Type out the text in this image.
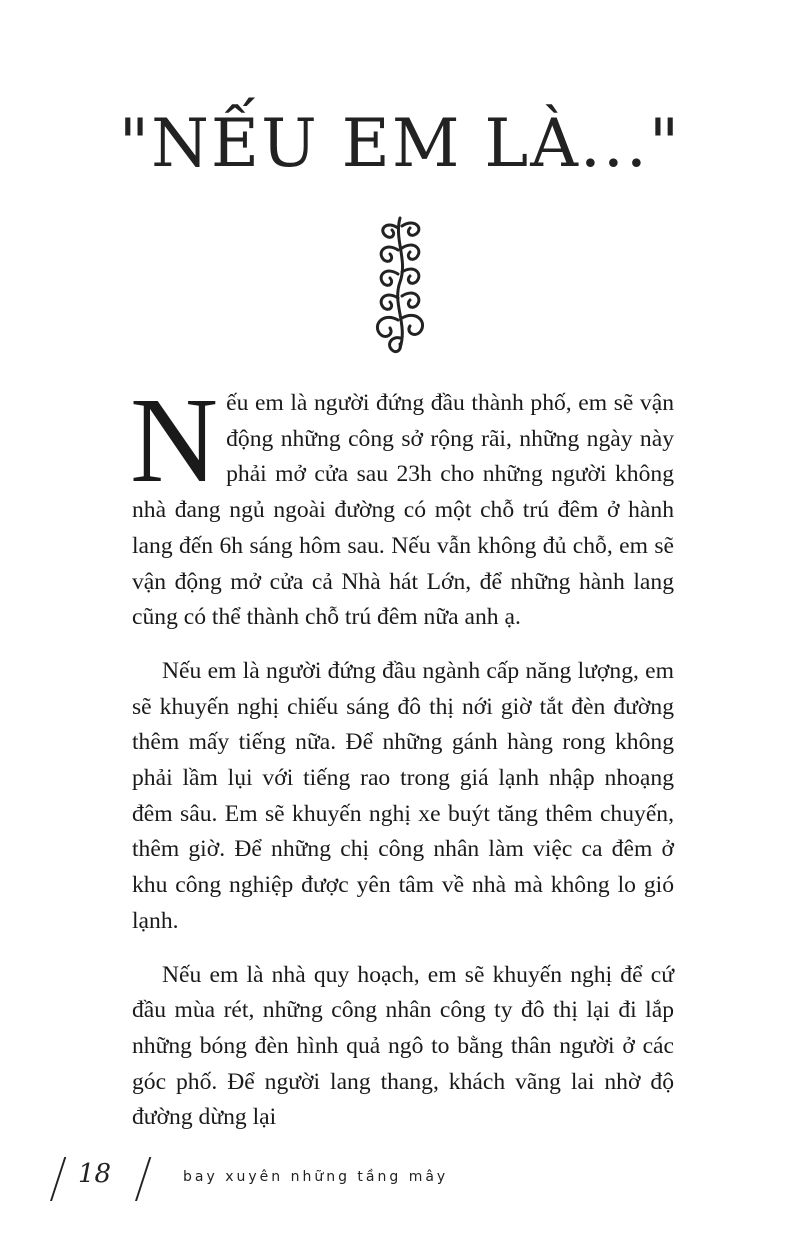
"NẾU EM LÀ..."

Nếu em là người đứng đầu thành phố, em sẽ vận động những công sở rộng rãi, những ngày này phải mở cửa sau 23h cho những người không nhà đang ngủ ngoài đường có một chỗ trú đêm ở hành lang đến 6h sáng hôm sau. Nếu vẫn không đủ chỗ, em sẽ vận động mở cửa cả Nhà hát Lớn, để những hành lang cũng có thể thành chỗ trú đêm nữa anh ạ.

Nếu em là người đứng đầu ngành cấp năng lượng, em sẽ khuyến nghị chiếu sáng đô thị nới giờ tắt đèn đường thêm mấy tiếng nữa. Để những gánh hàng rong không phải lầm lụi với tiếng rao trong giá lạnh nhập nhoạng đêm sâu. Em sẽ khuyến nghị xe buýt tăng thêm chuyến, thêm giờ. Để những chị công nhân làm việc ca đêm ở khu công nghiệp được yên tâm về nhà mà không lo gió lạnh.

Nếu em là nhà quy hoạch, em sẽ khuyến nghị để cứ đầu mùa rét, những công nhân công ty đô thị lại đi lắp những bóng đèn hình quả ngô to bằng thân người ở các góc phố. Để người lang thang, khách vãng lai nhờ độ đường dừng lại

18	bay xuyên những tầng mây
